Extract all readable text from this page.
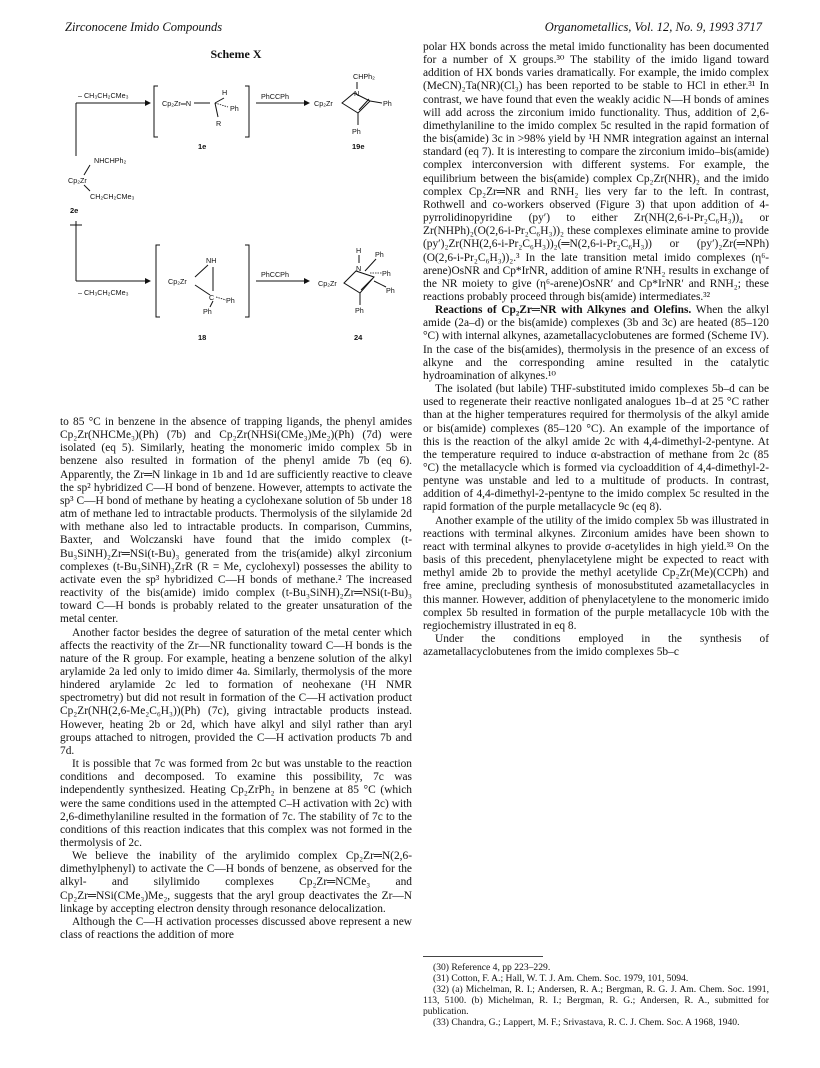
Zirconocene Imido Compounds	Organometallics, Vol. 12, No. 9, 1993 3717
Scheme X
– CH₃CH₂CMe₃
Cp₂Zr═N
H
Ph
R
1e
PhCCPh
Cp₂Zr
CHPh₂
N
Ph
Ph
19e
NHCHPh₂
Cp₂Zr
CH₂CH₂CMe₃
2e
– CH₃CH₂CMe₃
Cp₂Zr
NH
C Ph
Ph
18
PhCCPh
Cp₂Zr
H
N
Ph
Ph
Ph
Ph
24

to 85 °C in benzene in the absence of trapping ligands, the phenyl amides Cp₂Zr(NHCMe₃)(Ph) (7b) and Cp₂Zr(NHSi(CMe₃)Me₂)(Ph) (7d) were isolated (eq 5). Similarly, heating the monomeric imido complex 5b in benzene also resulted in formation of the phenyl amide 7b (eq 6). Apparently, the Zr═N linkage in 1b and 1d are sufficiently reactive to cleave the sp² hybridized C—H bond of benzene. However, attempts to activate the sp³ C—H bond of methane by heating a cyclohexane solution of 5b under 18 atm of methane led to intractable products. Thermolysis of the silylamide 2d with methane also led to intractable products. In comparison, Cummins, Baxter, and Wolczanski have found that the imido complex (t-Bu₃SiNH)₂Zr═NSi(t-Bu)₃ generated from the tris(amide) alkyl zirconium complexes (t-Bu₃SiNH)₃ZrR (R = Me, cyclohexyl) possesses the ability to activate even the sp³ hybridized C—H bonds of methane.² The increased reactivity of the bis(amide) imido complex (t-Bu₃SiNH)₂Zr═NSi(t-Bu)₃ toward C—H bonds is probably related to the greater unsaturation of the metal center.

Another factor besides the degree of saturation of the metal center which affects the reactivity of the Zr—NR functionality toward C—H bonds is the nature of the R group. For example, heating a benzene solution of the alkyl arylamide 2a led only to imido dimer 4a. Similarly, thermolysis of the more hindered arylamide 2c led to formation of neohexane (¹H NMR spectrometry) but did not result in formation of the C—H activation product Cp₂Zr(NH(2,6-Me₂C₆H₃))(Ph) (7c), giving intractable products instead. However, heating 2b or 2d, which have alkyl and silyl rather than aryl groups attached to nitrogen, provided the C—H activation products 7b and 7d.

It is possible that 7c was formed from 2c but was unstable to the reaction conditions and decomposed. To examine this possibility, 7c was independently synthesized. Heating Cp₂ZrPh₂ in benzene at 85 °C (which were the same conditions used in the attempted C–H activation with 2c) with 2,6-dimethylaniline resulted in the formation of 7c. The stability of 7c to the conditions of this reaction indicates that this complex was not formed in the thermolysis of 2c.

We believe the inability of the arylimido complex Cp₂Zr═N(2,6-dimethylphenyl) to activate the C—H bonds of benzene, as observed for the alkyl- and silylimido complexes Cp₂Zr═NCMe₃ and Cp₂Zr═NSi(CMe₃)Me₂, suggests that the aryl group deactivates the Zr—N linkage by accepting electron density through resonance delocalization.

Although the C—H activation processes discussed above represent a new class of reactions the addition of more

polar HX bonds across the metal imido functionality has been documented for a number of X groups.³⁰ The stability of the imido ligand toward addition of HX bonds varies dramatically. For example, the imido complex (MeCN)₂Ta(NR)(Cl₃) has been reported to be stable to HCl in ether.³¹ In contrast, we have found that even the weakly acidic N—H bonds of amines will add across the zirconium imido functionality. Thus, addition of 2,6-dimethylaniline to the imido complex 5c resulted in the rapid formation of the bis(amide) 3c in >98% yield by ¹H NMR integration against an internal standard (eq 7). It is interesting to compare the zirconium imido–bis(amide) complex interconversion with different systems. For example, the equilibrium between the bis(amide) complex Cp₂Zr(NHR)₂ and the imido complex Cp₂Zr═NR and RNH₂ lies very far to the left. In contrast, Rothwell and co-workers observed (Figure 3) that upon addition of 4-pyrrolidinopyridine (py′) to either Zr(NH(2,6-i-Pr₂C₆H₃))₄ or Zr(NHPh)₂(O(2,6-i-Pr₂C₆H₃))₂ these complexes eliminate amine to provide (py′)₂Zr(NH(2,6-i-Pr₂C₆H₃))₂(═N(2,6-i-Pr₂C₆H₃)) or (py′)₂Zr(═NPh)(O(2,6-i-Pr₂C₆H₃))₂.³ In the late transition metal imido complexes (η⁶-arene)OsNR and Cp*IrNR, addition of amine R′NH₂ results in exchange of the NR moiety to give (η⁶-arene)OsNR′ and Cp*IrNR′ and RNH₂; these reactions probably proceed through bis(amide) intermediates.³²

Reactions of Cp₂Zr═NR with Alkynes and Olefins. When the alkyl amide (2a–d) or the bis(amide) complexes (3b and 3c) are heated (85–120 °C) with internal alkynes, azametallacyclobutenes are formed (Scheme IV). In the case of the bis(amides), thermolysis in the presence of an excess of alkyne and the corresponding amine resulted in the catalytic hydroamination of alkynes.¹⁰

The isolated (but labile) THF-substituted imido complexes 5b–d can be used to regenerate their reactive nonligated analogues 1b–d at 25 °C rather than at the higher temperatures required for thermolysis of the alkyl amide or bis(amide) complexes (85–120 °C). An example of the importance of this is the reaction of the alkyl amide 2c with 4,4-dimethyl-2-pentyne. At the temperature required to induce α-abstraction of methane from 2c (85 °C) the metallacycle which is formed via cycloaddition of 4,4-dimethyl-2-pentyne was unstable and led to a multitude of products. In contrast, addition of 4,4-dimethyl-2-pentyne to the imido complex 5c resulted in the rapid formation of the purple metallacycle 9c (eq 8).

Another example of the utility of the imido complex 5b was illustrated in reactions with terminal alkynes. Zirconium amides have been shown to react with terminal alkynes to provide σ-acetylides in high yield.³³ On the basis of this precedent, phenylacetylene might be expected to react with methyl amide 2b to provide the methyl acetylide Cp₂Zr(Me)(CCPh) and free amine, precluding synthesis of monosubstituted azametallacycles in this manner. However, addition of phenylacetylene to the monomeric imido complex 5b resulted in formation of the purple metallacycle 10b with the regiochemistry illustrated in eq 8.

Under the conditions employed in the synthesis of azametallacyclobutenes from the imido complexes 5b–c

(30) Reference 4, pp 223–229.
(31) Cotton, F. A.; Hall, W. T. J. Am. Chem. Soc. 1979, 101, 5094.
(32) (a) Michelman, R. I.; Andersen, R. A.; Bergman, R. G. J. Am. Chem. Soc. 1991, 113, 5100. (b) Michelman, R. I.; Bergman, R. G.; Andersen, R. A., submitted for publication.
(33) Chandra, G.; Lappert, M. F.; Srivastava, R. C. J. Chem. Soc. A 1968, 1940.
